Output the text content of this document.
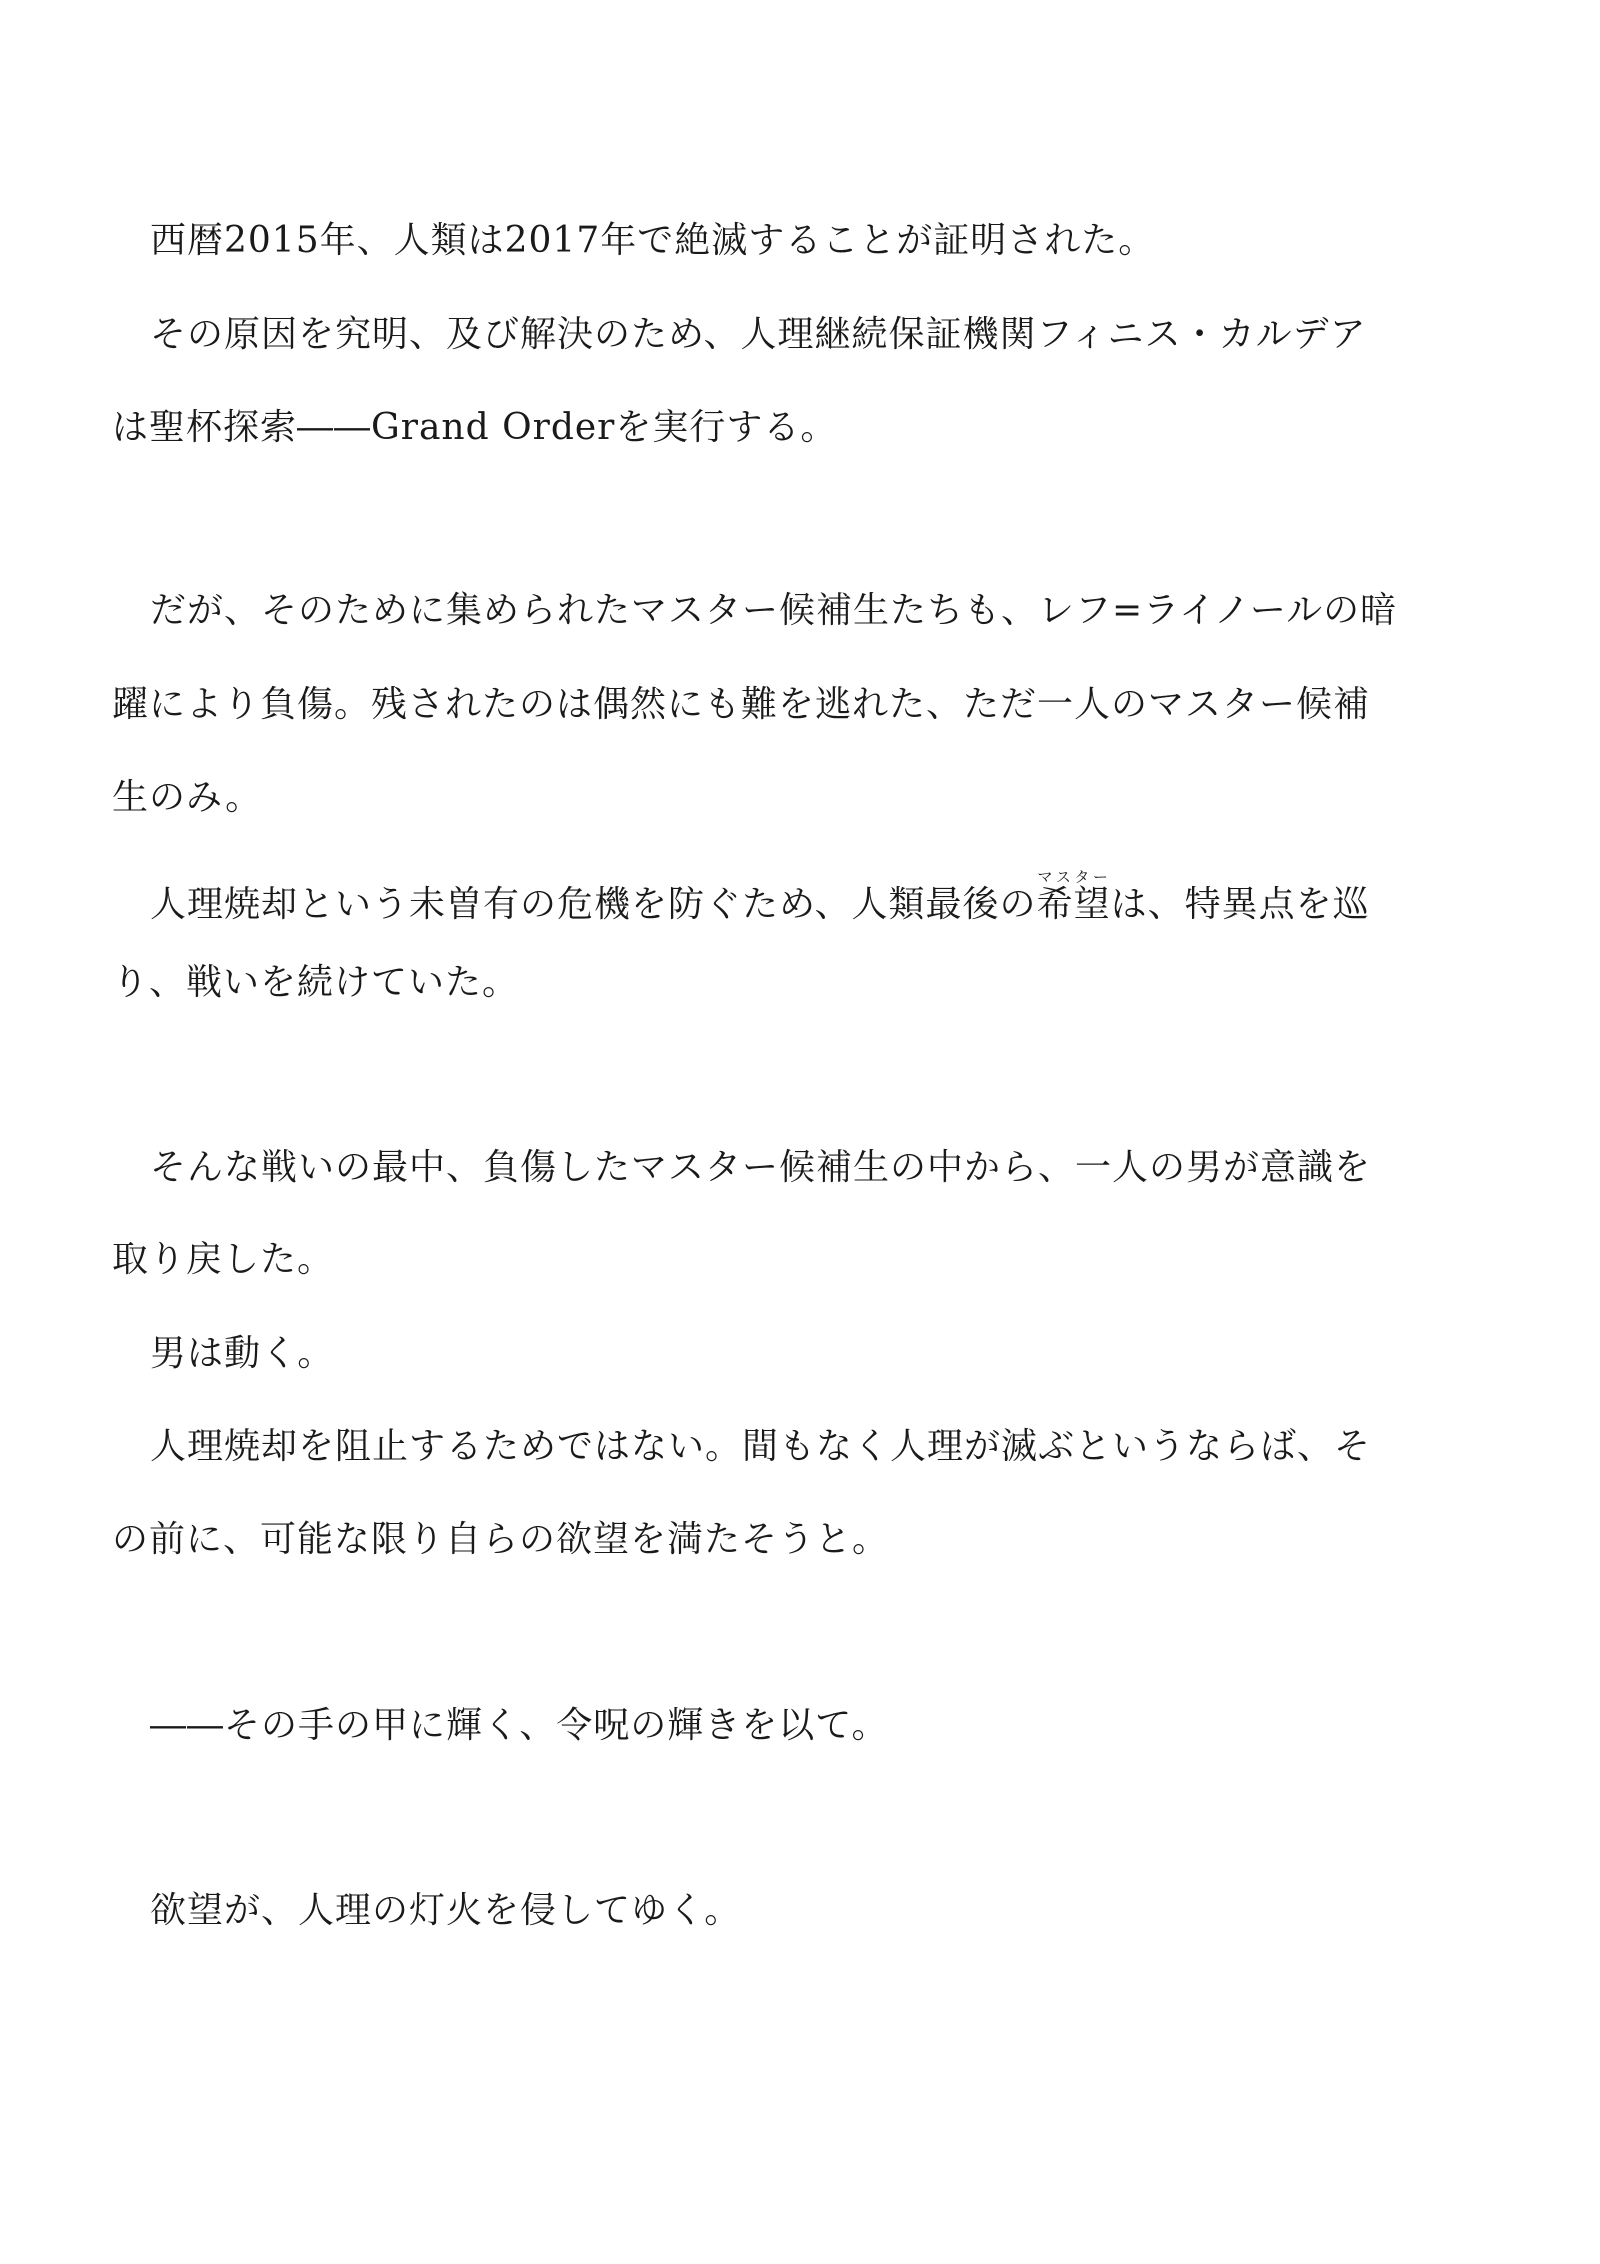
西暦2015年、人類は2017年で絶滅することが証明された。
その原因を究明、及び解決のため、人理継続保証機関フィニス・カルデア
は聖杯探索――Grand Orderを実行する。
だが、そのために集められたマスター候補生たちも、レフ=ライノールの暗
躍により負傷。残されたのは偶然にも難を逃れた、ただ一人のマスター候補
生のみ。
人理焼却という未曽有の危機を防ぐため、人類最後の希望マスターは、特異点を巡
り、戦いを続けていた。
そんな戦いの最中、負傷したマスター候補生の中から、一人の男が意識を
取り戻した。
男は動く。
人理焼却を阻止するためではない。間もなく人理が滅ぶというならば、そ
の前に、可能な限り自らの欲望を満たそうと。
――その手の甲に輝く、令呪の輝きを以て。
欲望が、人理の灯火を侵してゆく。
